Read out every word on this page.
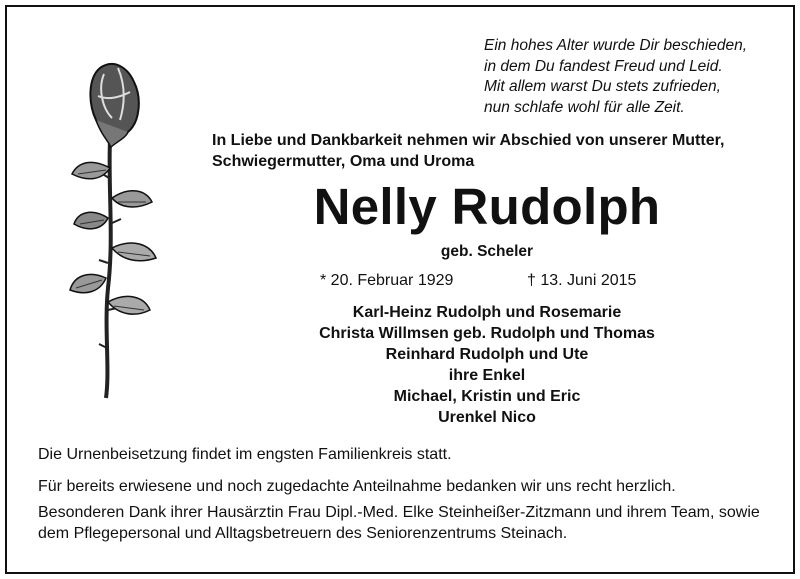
Ein hohes Alter wurde Dir beschieden,
in dem Du fandest Freud und Leid.
Mit allem warst Du stets zufrieden,
nun schlafe wohl für alle Zeit.
In Liebe und Dankbarkeit nehmen wir Abschied von unserer Mutter,
Schwiegermutter, Oma und Uroma
Nelly Rudolph
geb. Scheler
* 20. Februar 1929	† 13. Juni 2015
Karl-Heinz Rudolph und Rosemarie
Christa Willmsen geb. Rudolph und Thomas
Reinhard Rudolph und Ute
ihre Enkel
Michael, Kristin und Eric
Urenkel Nico

Die Urnenbeisetzung findet im engsten Familienkreis statt.

Für bereits erwiesene und noch zugedachte Anteilnahme bedanken wir uns recht herzlich.

Besonderen Dank ihrer Hausärztin Frau Dipl.-Med. Elke Steinheißer-Zitzmann und ihrem Team, sowie dem Pflegepersonal und Alltagsbetreuern des Seniorenzentrums Steinach.
